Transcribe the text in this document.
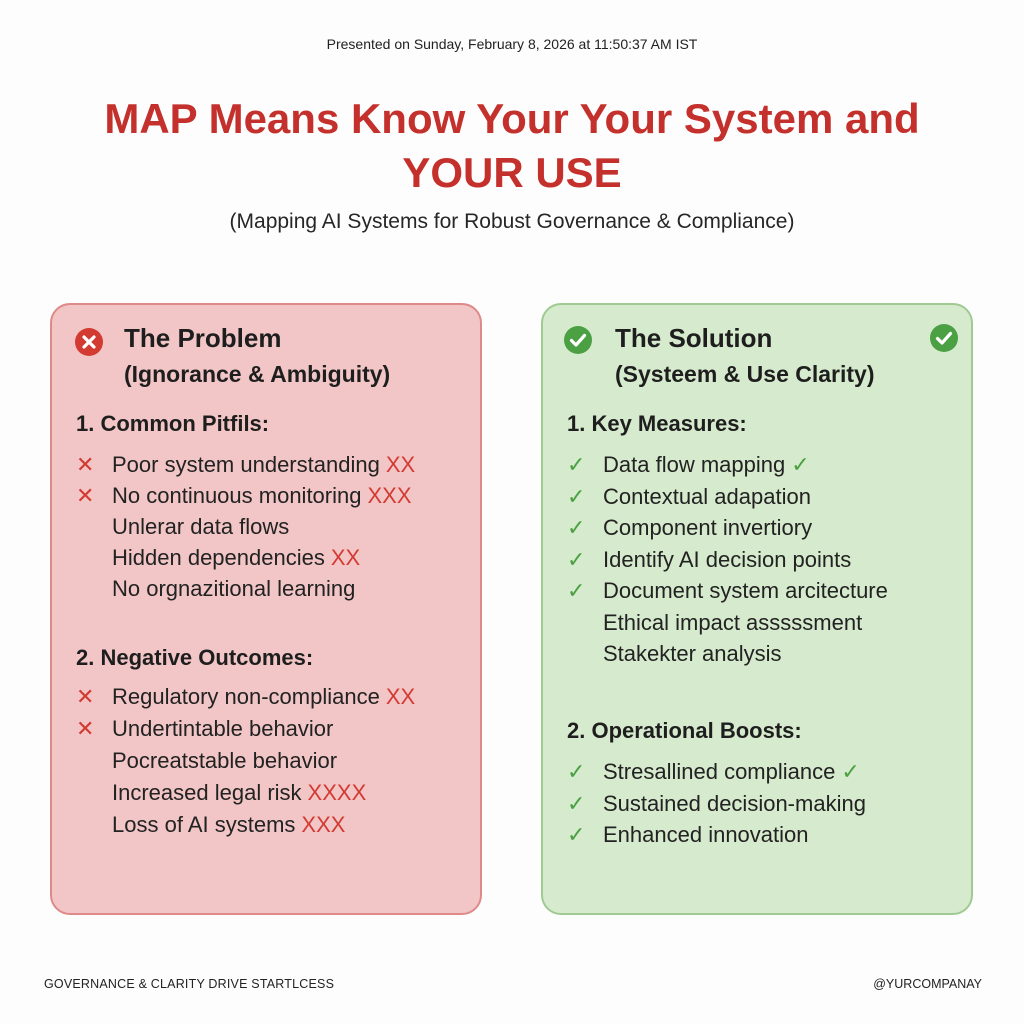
Presented on Sunday, February 8, 2026 at 11:50:37 AM IST
MAP Means Know Your Your System and
YOUR USE
(Mapping AI Systems for Robust Governance & Compliance)
The Problem
(Ignorance & Ambiguity)
1. Common Pitfils:
✕ Poor system understanding XX
✕ No continuous monitoring XXX
Unlerar data flows
Hidden dependencies XX
No orgnazitional learning
2. Negative Outcomes:
✕ Regulatory non-compliance XX
✕ Undertintable behavior
Pocreatstable behavior
Increased legal risk XXXX
Loss of AI systems XXX
The Solution
(Systeem & Use Clarity)
1. Key Measures:
✓ Data flow mapping ✓
✓ Contextual adapation
✓ Component invertiory
✓ Identify AI decision points
✓ Document system arcitecture
Ethical impact asssssment
Stakekter analysis
2. Operational Boosts:
✓ Stresallined compliance ✓
✓ Sustained decision-making
✓ Enhanced innovation
GOVERNANCE & CLARITY DRIVE STARTLCESS	@YURCOMPANAY
